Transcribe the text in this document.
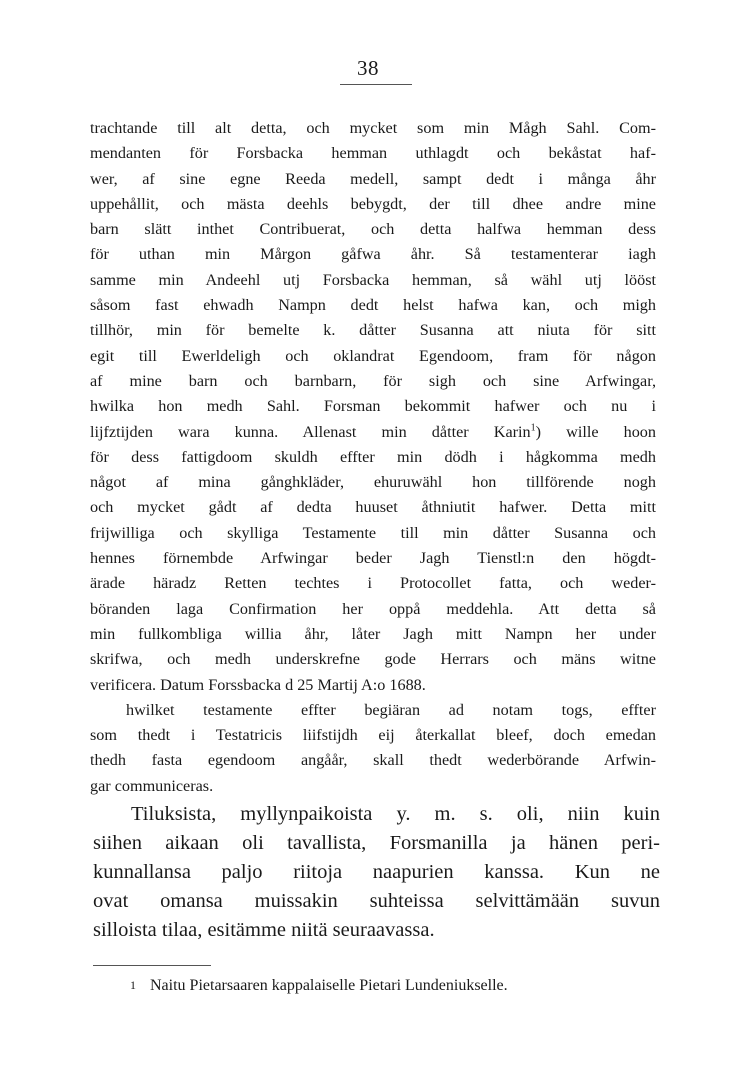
38

trachtande till alt detta, och mycket som min Mågh Sahl. Com-
mendanten för Forsbacka hemman uthlagdt och bekåstat haf-
wer, af sine egne Reeda medell, sampt dedt i många åhr
uppehållit, och mästa deehls bebygdt, der till dhee andre mine
barn slätt inthet Contribuerat, och detta halfwa hemman dess
för uthan min Mårgon gåfwa åhr. Så testamenterar iagh
samme min Andeehl utj Forsbacka hemman, så wähl utj lööst
såsom fast ehwadh Nampn dedt helst hafwa kan, och migh
tillhör, min för bemelte k. dåtter Susanna att niuta för sitt
egit till Ewerldeligh och oklandrat Egendoom, fram för någon
af mine barn och barnbarn, för sigh och sine Arfwingar,
hwilka hon medh Sahl. Forsman bekommit hafwer och nu i
lijfztijden wara kunna. Allenast min dåtter Karin$^1$) wille hoon
för dess fattigdoom skuldh effter min dödh i hågkomma medh
något af mina gånghkläder, ehuruwähl hon tillförende nogh
och mycket gådt af dedta huuset åthniutit hafwer. Detta mitt
frijwilliga och skylliga Testamente till min dåtter Susanna och
hennes förnembde Arfwingar beder Jagh Tienstl:n den högdt-
ärade häradz Retten techtes i Protocollet fatta, och weder-
böranden laga Confirmation her oppå meddehla. Att detta så
min fullkombliga willia åhr, låter Jagh mitt Nampn her under
skrifwa, och medh underskrefne gode Herrars och mäns witne
verificera. Datum Forssbacka d 25 Martij A:o 1688.

hwilket testamente effter begiäran ad notam togs, effter
som thedt i Testatricis liifstijdh eij återkallat bleef, doch emedan
thedh fasta egendoom angåår, skall thedt wederbörande Arfwin-
gar communiceras.

Tiluksista, myllynpaikoista y. m. s. oli, niin kuin
siihen aikaan oli tavallista, Forsmanilla ja hänen peri-
kunnallansa paljo riitoja naapurien kanssa. Kun ne
ovat omansa muissakin suhteissa selvittämään suvun
silloista tilaa, esitämme niitä seuraavassa.
1 Naitu Pietarsaaren kappalaiselle Pietari Lundeniukselle.
